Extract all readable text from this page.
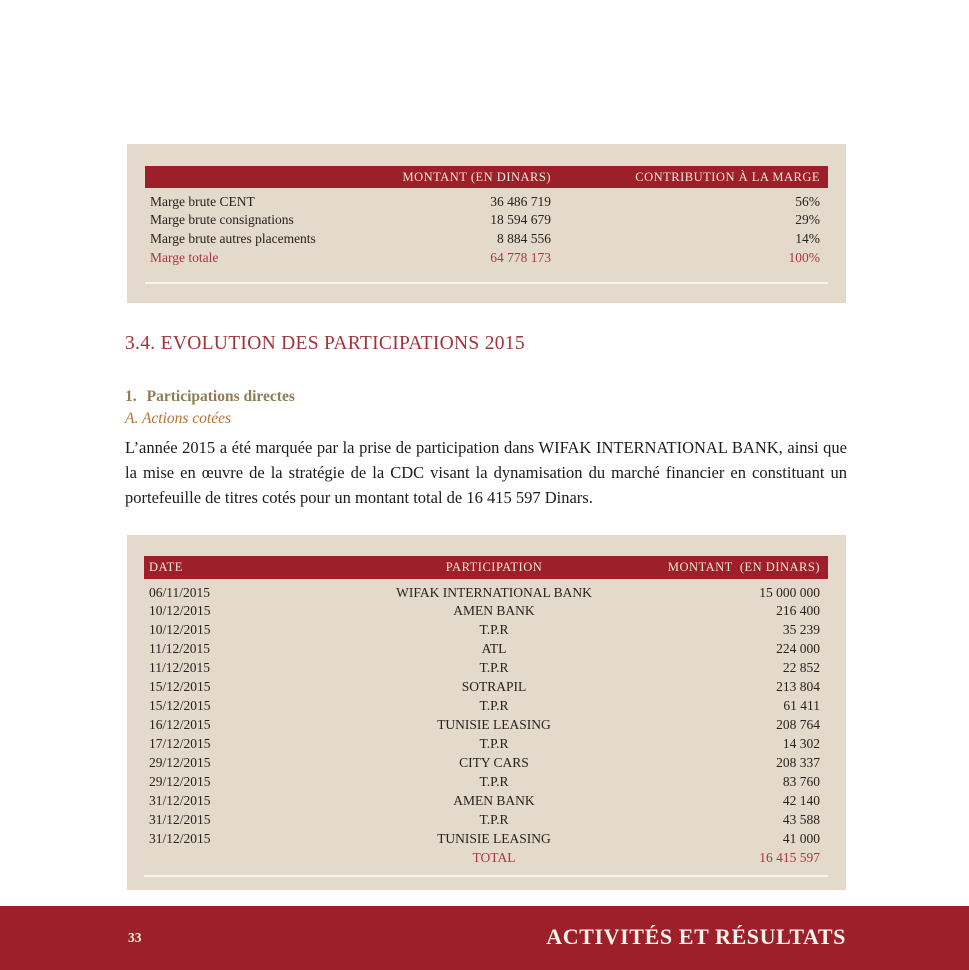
	MONTANT (EN DINARS)	CONTRIBUTION À LA MARGE
Marge brute CENT	36 486 719	56%
Marge brute consignations	18 594 679	29%
Marge brute autres placements	8 884 556	14%
Marge totale	64 778 173	100%
3.4. EVOLUTION DES PARTICIPATIONS 2015
1. Participations directes
A. Actions cotées
L’année 2015 a été marquée par la prise de participation dans WIFAK INTERNATIONAL BANK, ainsi que la mise en œuvre de la stratégie de la CDC visant la dynamisation du marché financier en constituant un portefeuille de titres cotés pour un montant total de 16 415 597 Dinars.
DATE	PARTICIPATION	MONTANT  (EN DINARS)
06/11/2015	WIFAK INTERNATIONAL BANK	15 000 000
10/12/2015	AMEN BANK	216 400
10/12/2015	T.P.R	35 239
11/12/2015	ATL	224 000
11/12/2015	T.P.R	22 852
15/12/2015	SOTRAPIL	213 804
15/12/2015	T.P.R	61 411
16/12/2015	TUNISIE LEASING	208 764
17/12/2015	T.P.R	14 302
29/12/2015	CITY CARS	208 337
29/12/2015	T.P.R	83 760
31/12/2015	AMEN BANK	42 140
31/12/2015	T.P.R	43 588
31/12/2015	TUNISIE LEASING	41 000
	TOTAL	16 415 597
33	ACTIVITÉS ET RÉSULTATS
